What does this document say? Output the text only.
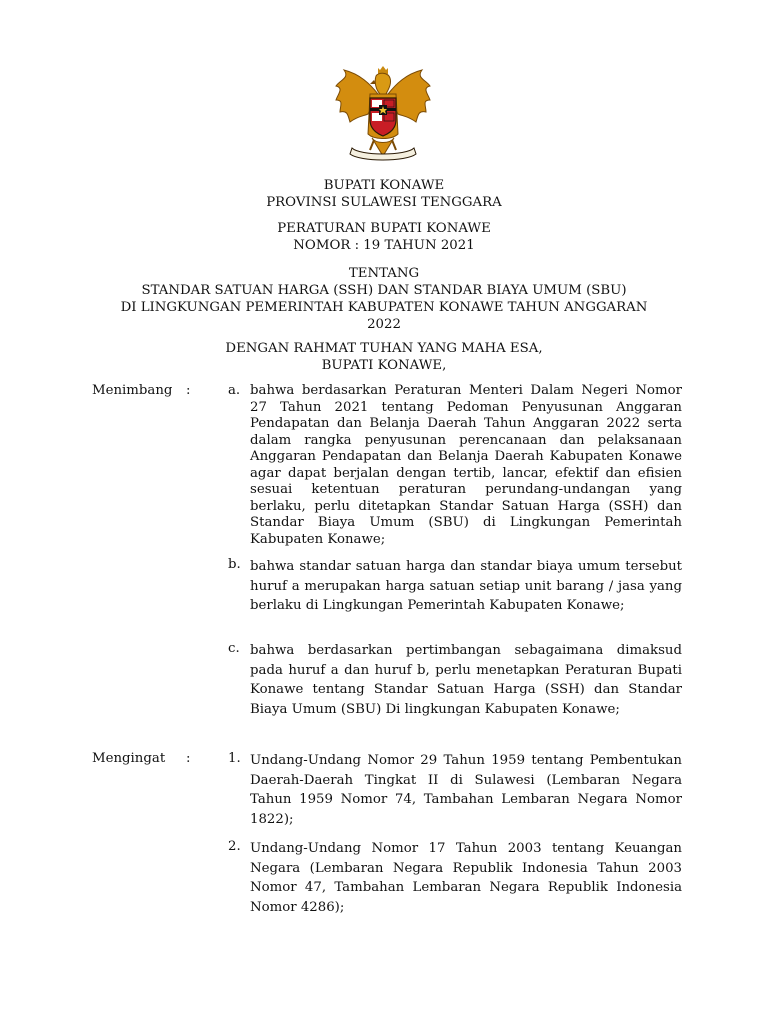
BUPATI KONAWE
PROVINSI SULAWESI TENGGARA
PERATURAN BUPATI KONAWE
NOMOR : 19 TAHUN 2021
TENTANG
STANDAR SATUAN HARGA (SSH) DAN STANDAR BIAYA UMUM (SBU)
DI LINGKUNGAN PEMERINTAH KABUPATEN KONAWE TAHUN ANGGARAN
2022
DENGAN RAHMAT TUHAN YANG MAHA ESA,
BUPATI KONAWE,
Menimbang	:	a. bahwa berdasarkan Peraturan Menteri Dalam Negeri Nomor 27 Tahun 2021 tentang Pedoman Penyusunan Anggaran Pendapatan dan Belanja Daerah Tahun Anggaran 2022 serta dalam rangka penyusunan perencanaan dan pelaksanaan Anggaran Pendapatan dan Belanja Daerah Kabupaten Konawe agar dapat berjalan dengan tertib, lancar, efektif dan efisien sesuai ketentuan peraturan perundang-undangan yang berlaku, perlu ditetapkan Standar Satuan Harga (SSH) dan Standar Biaya Umum (SBU) di Lingkungan Pemerintah Kabupaten Konawe;
b. bahwa standar satuan harga dan standar biaya umum tersebut huruf a merupakan harga satuan setiap unit barang / jasa yang berlaku di Lingkungan Pemerintah Kabupaten Konawe;
c. bahwa berdasarkan pertimbangan sebagaimana dimaksud pada huruf a dan huruf b, perlu menetapkan Peraturan Bupati Konawe tentang Standar Satuan Harga (SSH) dan Standar Biaya Umum (SBU) Di lingkungan Kabupaten Konawe;
Mengingat	:	1. Undang-Undang Nomor 29 Tahun 1959 tentang Pembentukan Daerah-Daerah Tingkat II di Sulawesi (Lembaran Negara Tahun 1959 Nomor 74, Tambahan Lembaran Negara Nomor 1822);
2. Undang-Undang Nomor 17 Tahun 2003 tentang Keuangan Negara (Lembaran Negara Republik Indonesia Tahun 2003 Nomor 47, Tambahan Lembaran Negara Republik Indonesia Nomor 4286);
